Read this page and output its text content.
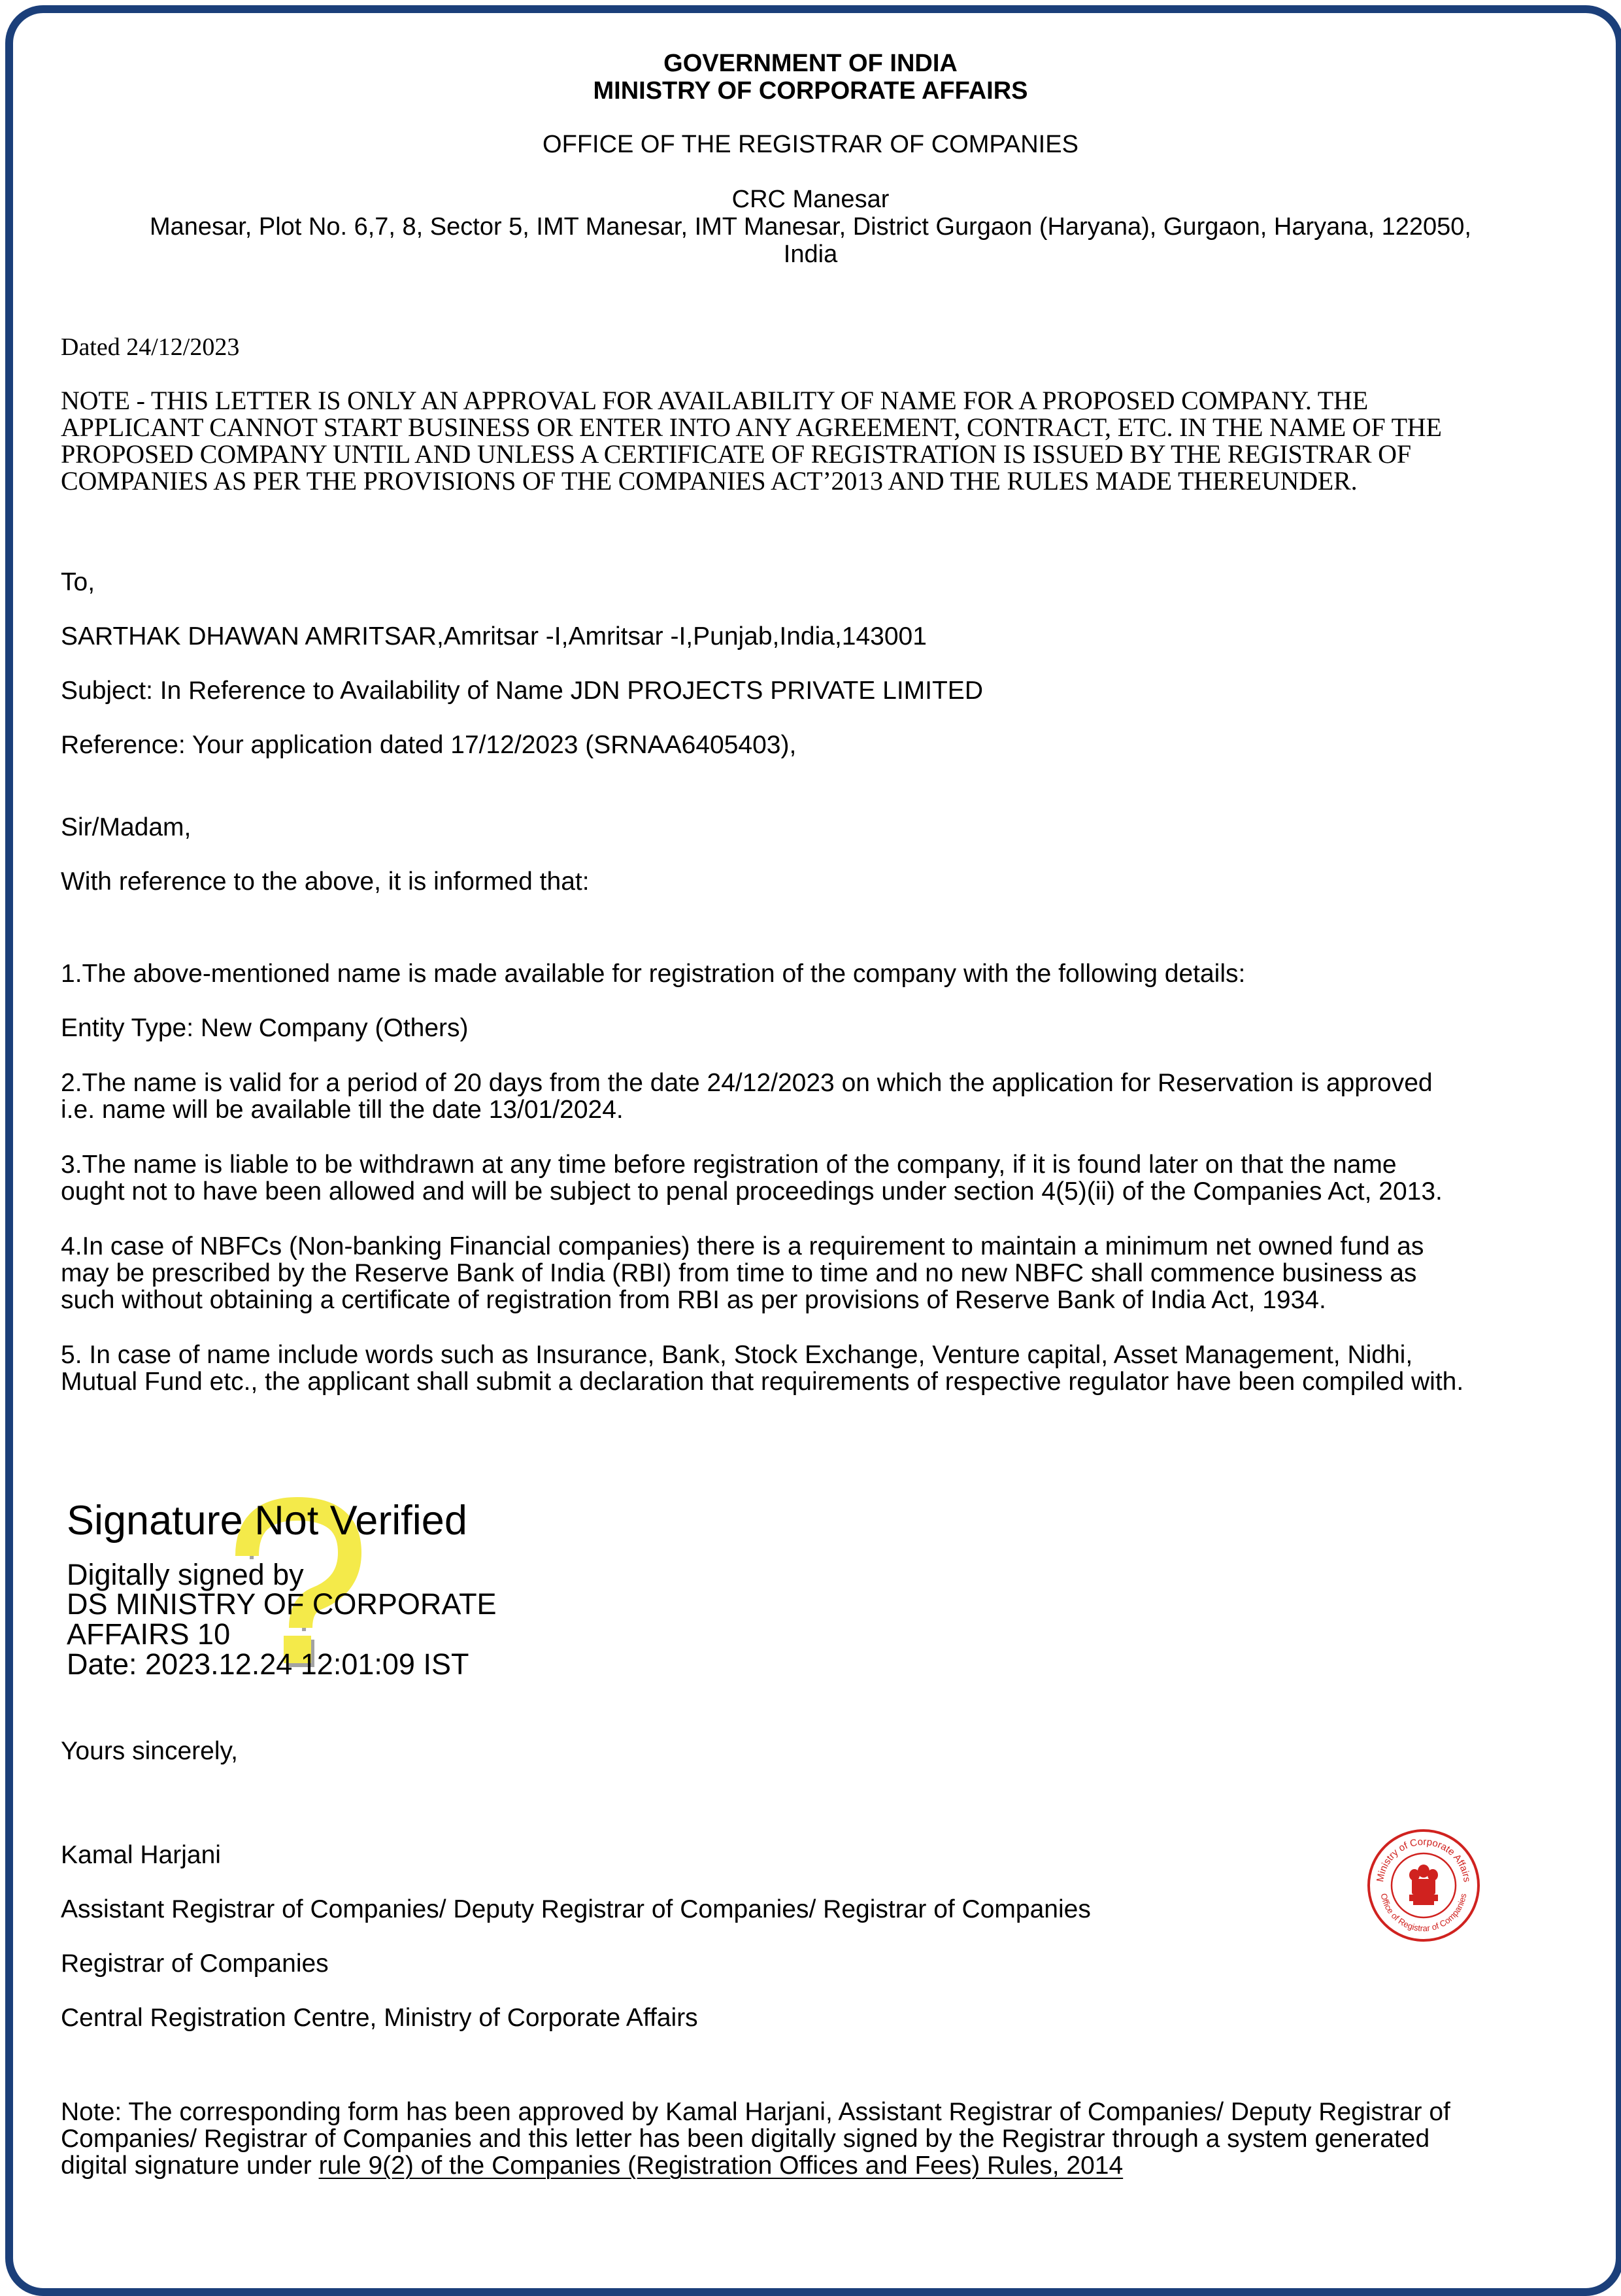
GOVERNMENT OF INDIA
MINISTRY OF CORPORATE AFFAIRS
OFFICE OF THE REGISTRAR OF COMPANIES
CRC Manesar
Manesar, Plot No. 6,7, 8, Sector 5, IMT Manesar, IMT Manesar, District Gurgaon (Haryana), Gurgaon, Haryana, 122050,
India
Dated 24/12/2023
NOTE - THIS LETTER IS ONLY AN APPROVAL FOR AVAILABILITY OF NAME FOR A PROPOSED COMPANY. THE
APPLICANT CANNOT START BUSINESS OR ENTER INTO ANY AGREEMENT, CONTRACT, ETC. IN THE NAME OF THE
PROPOSED COMPANY UNTIL AND UNLESS A CERTIFICATE OF REGISTRATION IS ISSUED BY THE REGISTRAR OF
COMPANIES AS PER THE PROVISIONS OF THE COMPANIES ACT’2013 AND THE RULES MADE THEREUNDER.
To,
SARTHAK DHAWAN AMRITSAR,Amritsar -I,Amritsar -I,Punjab,India,143001
Subject: In Reference to Availability of Name JDN PROJECTS PRIVATE LIMITED
Reference: Your application dated 17/12/2023 (SRNAA6405403),
Sir/Madam,
With reference to the above, it is informed that:
1.The above-mentioned name is made available for registration of the company with the following details:
Entity Type: New Company (Others)
2.The name is valid for a period of 20 days from the date 24/12/2023 on which the application for Reservation is approved
i.e. name will be available till the date 13/01/2024.
3.The name is liable to be withdrawn at any time before registration of the company, if it is found later on that the name
ought not to have been allowed and will be subject to penal proceedings under section 4(5)(ii) of the Companies Act, 2013.
4.In case of NBFCs (Non-banking Financial companies) there is a requirement to maintain a minimum net owned fund as
may be prescribed by the Reserve Bank of India (RBI) from time to time and no new NBFC shall commence business as
such without obtaining a certificate of registration from RBI as per provisions of Reserve Bank of India Act, 1934.
5. In case of name include words such as Insurance, Bank, Stock Exchange, Venture capital, Asset Management, Nidhi,
Mutual Fund etc., the applicant shall submit a declaration that requirements of respective regulator have been compiled with.
Signature Not Verified
Digitally signed by
DS MINISTRY OF CORPORATE
AFFAIRS 10
Date: 2023.12.24 12:01:09 IST
Yours sincerely,
Kamal Harjani
Assistant Registrar of Companies/ Deputy Registrar of Companies/ Registrar of Companies
Registrar of Companies
Central Registration Centre, Ministry of Corporate Affairs
Ministry of Corporate Affairs
Office of Registrar of Companies
Note: The corresponding form has been approved by Kamal Harjani, Assistant Registrar of Companies/ Deputy Registrar of
Companies/ Registrar of Companies and this letter has been digitally signed by the Registrar through a system generated
digital signature under rule 9(2) of the Companies (Registration Offices and Fees) Rules, 2014
